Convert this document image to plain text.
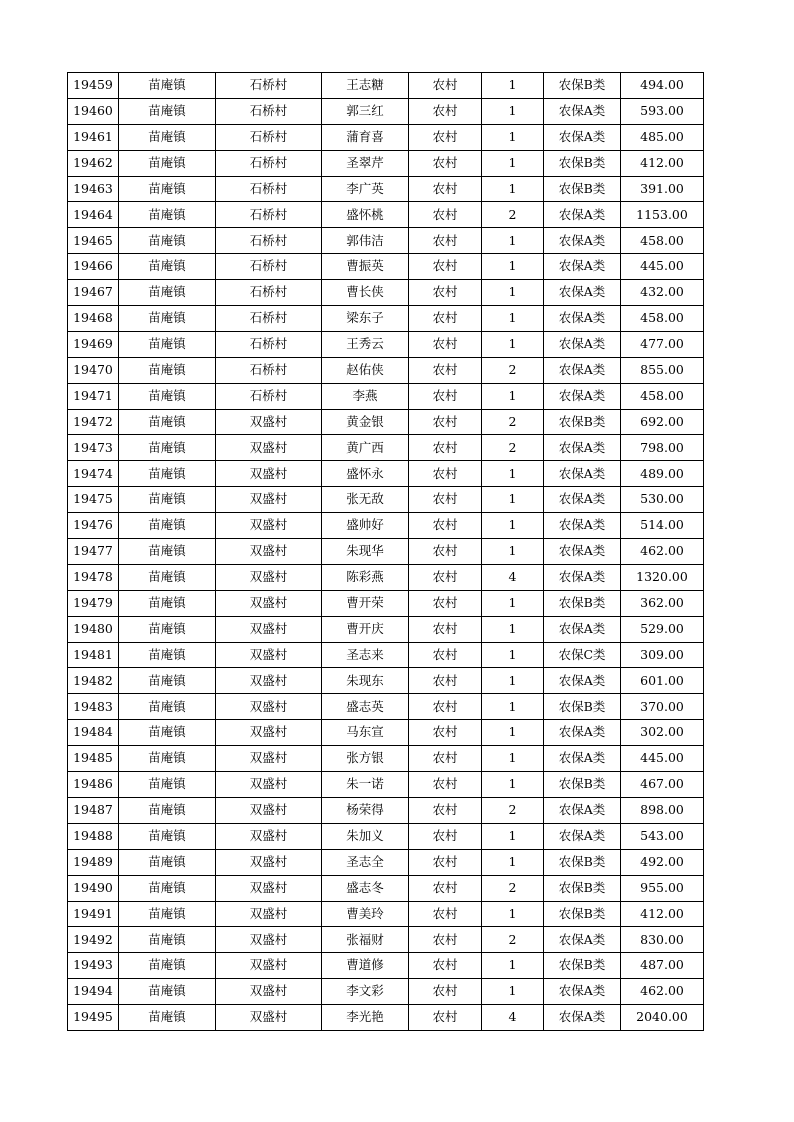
19459	苗庵镇	石桥村	王志糖	农村	1	农保B类	494.00
19460	苗庵镇	石桥村	郭三红	农村	1	农保A类	593.00
19461	苗庵镇	石桥村	蒲育喜	农村	1	农保A类	485.00
19462	苗庵镇	石桥村	圣翠芹	农村	1	农保B类	412.00
19463	苗庵镇	石桥村	李广英	农村	1	农保B类	391.00
19464	苗庵镇	石桥村	盛怀桃	农村	2	农保A类	1153.00
19465	苗庵镇	石桥村	郭伟洁	农村	1	农保A类	458.00
19466	苗庵镇	石桥村	曹振英	农村	1	农保A类	445.00
19467	苗庵镇	石桥村	曹长侠	农村	1	农保A类	432.00
19468	苗庵镇	石桥村	梁东子	农村	1	农保A类	458.00
19469	苗庵镇	石桥村	王秀云	农村	1	农保A类	477.00
19470	苗庵镇	石桥村	赵佑侠	农村	2	农保A类	855.00
19471	苗庵镇	石桥村	李燕	农村	1	农保A类	458.00
19472	苗庵镇	双盛村	黄金银	农村	2	农保B类	692.00
19473	苗庵镇	双盛村	黄广西	农村	2	农保A类	798.00
19474	苗庵镇	双盛村	盛怀永	农村	1	农保A类	489.00
19475	苗庵镇	双盛村	张无敌	农村	1	农保A类	530.00
19476	苗庵镇	双盛村	盛帅好	农村	1	农保A类	514.00
19477	苗庵镇	双盛村	朱现华	农村	1	农保A类	462.00
19478	苗庵镇	双盛村	陈彩燕	农村	4	农保A类	1320.00
19479	苗庵镇	双盛村	曹开荣	农村	1	农保B类	362.00
19480	苗庵镇	双盛村	曹开庆	农村	1	农保A类	529.00
19481	苗庵镇	双盛村	圣志来	农村	1	农保C类	309.00
19482	苗庵镇	双盛村	朱现东	农村	1	农保A类	601.00
19483	苗庵镇	双盛村	盛志英	农村	1	农保B类	370.00
19484	苗庵镇	双盛村	马东宣	农村	1	农保A类	302.00
19485	苗庵镇	双盛村	张方银	农村	1	农保A类	445.00
19486	苗庵镇	双盛村	朱一诺	农村	1	农保B类	467.00
19487	苗庵镇	双盛村	杨荣得	农村	2	农保A类	898.00
19488	苗庵镇	双盛村	朱加义	农村	1	农保A类	543.00
19489	苗庵镇	双盛村	圣志全	农村	1	农保B类	492.00
19490	苗庵镇	双盛村	盛志冬	农村	2	农保B类	955.00
19491	苗庵镇	双盛村	曹美玲	农村	1	农保B类	412.00
19492	苗庵镇	双盛村	张福财	农村	2	农保A类	830.00
19493	苗庵镇	双盛村	曹道修	农村	1	农保B类	487.00
19494	苗庵镇	双盛村	李文彩	农村	1	农保A类	462.00
19495	苗庵镇	双盛村	李光艳	农村	4	农保A类	2040.00
